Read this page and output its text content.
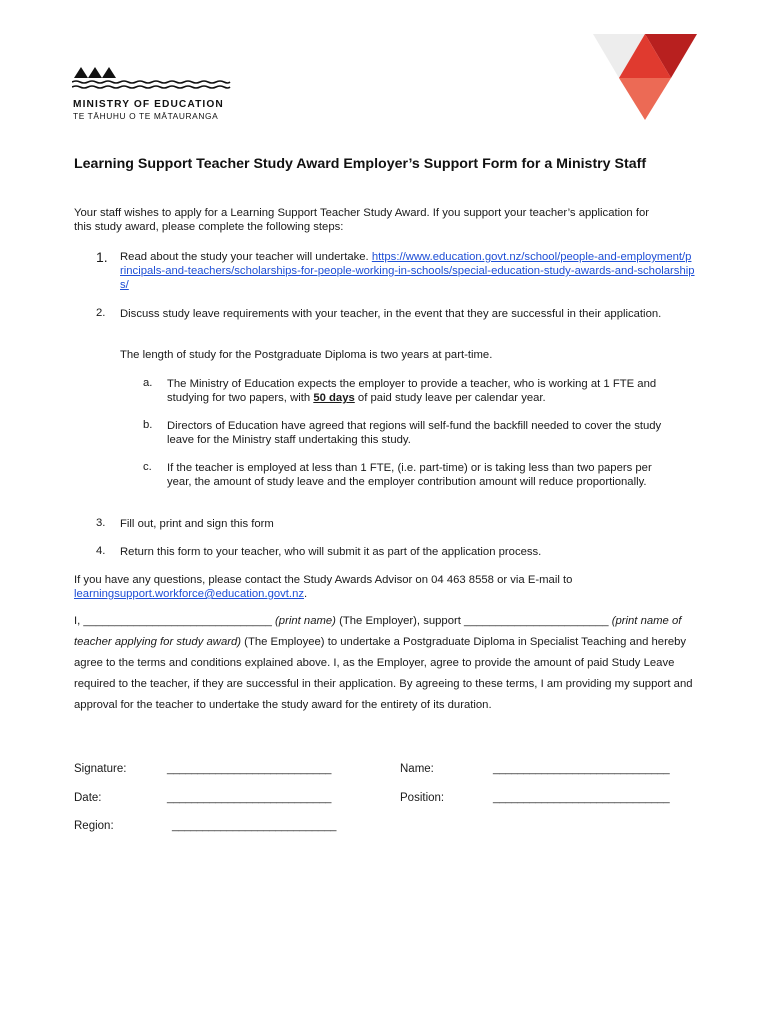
MINISTRY OF EDUCATION
TE TĀHUHU O TE MĀTAURANGA
Learning Support Teacher Study Award Employer’s Support Form for a Ministry Staff

Your staff wishes to apply for a Learning Support Teacher Study Award. If you support your teacher’s application for this study award, please complete the following steps:

1.	Read about the study your teacher will undertake. https://www.education.govt.nz/school/people-and-employment/principals-and-teachers/scholarships-for-people-working-in-schools/special-education-study-awards-and-scholarships/

2.	Discuss study leave requirements with your teacher, in the event that they are successful in their application.

The length of study for the Postgraduate Diploma is two years at part-time.

a. The Ministry of Education expects the employer to provide a teacher, who is working at 1 FTE and studying for two papers, with 50 days of paid study leave per calendar year.

b. Directors of Education have agreed that regions will self-fund the backfill needed to cover the study leave for the Ministry staff undertaking this study.

c. If the teacher is employed at less than 1 FTE, (i.e. part-time) or is taking less than two papers per year, the amount of study leave and the employer contribution amount will reduce proportionally.

3.	Fill out, print and sign this form

4.	Return this form to your teacher, who will submit it as part of the application process.

If you have any questions, please contact the Study Awards Advisor on 04 463 8558 or via E-mail to learningsupport.workforce@education.govt.nz.

I, ______________________________ (print name) (The Employer), support _______________________ (print name of teacher applying for study award) (The Employee) to undertake a Postgraduate Diploma in Specialist Teaching and hereby agree to the terms and conditions explained above. I, as the Employer, agree to provide the amount of paid Study Leave required to the teacher, if they are successful in their application. By agreeing to these terms, I am providing my support and approval for the teacher to undertake the study award for the entirety of its duration.

Signature:	___________________________	Name:	_____________________________
Date:	___________________________	Position:	_____________________________
Region:	___________________________
